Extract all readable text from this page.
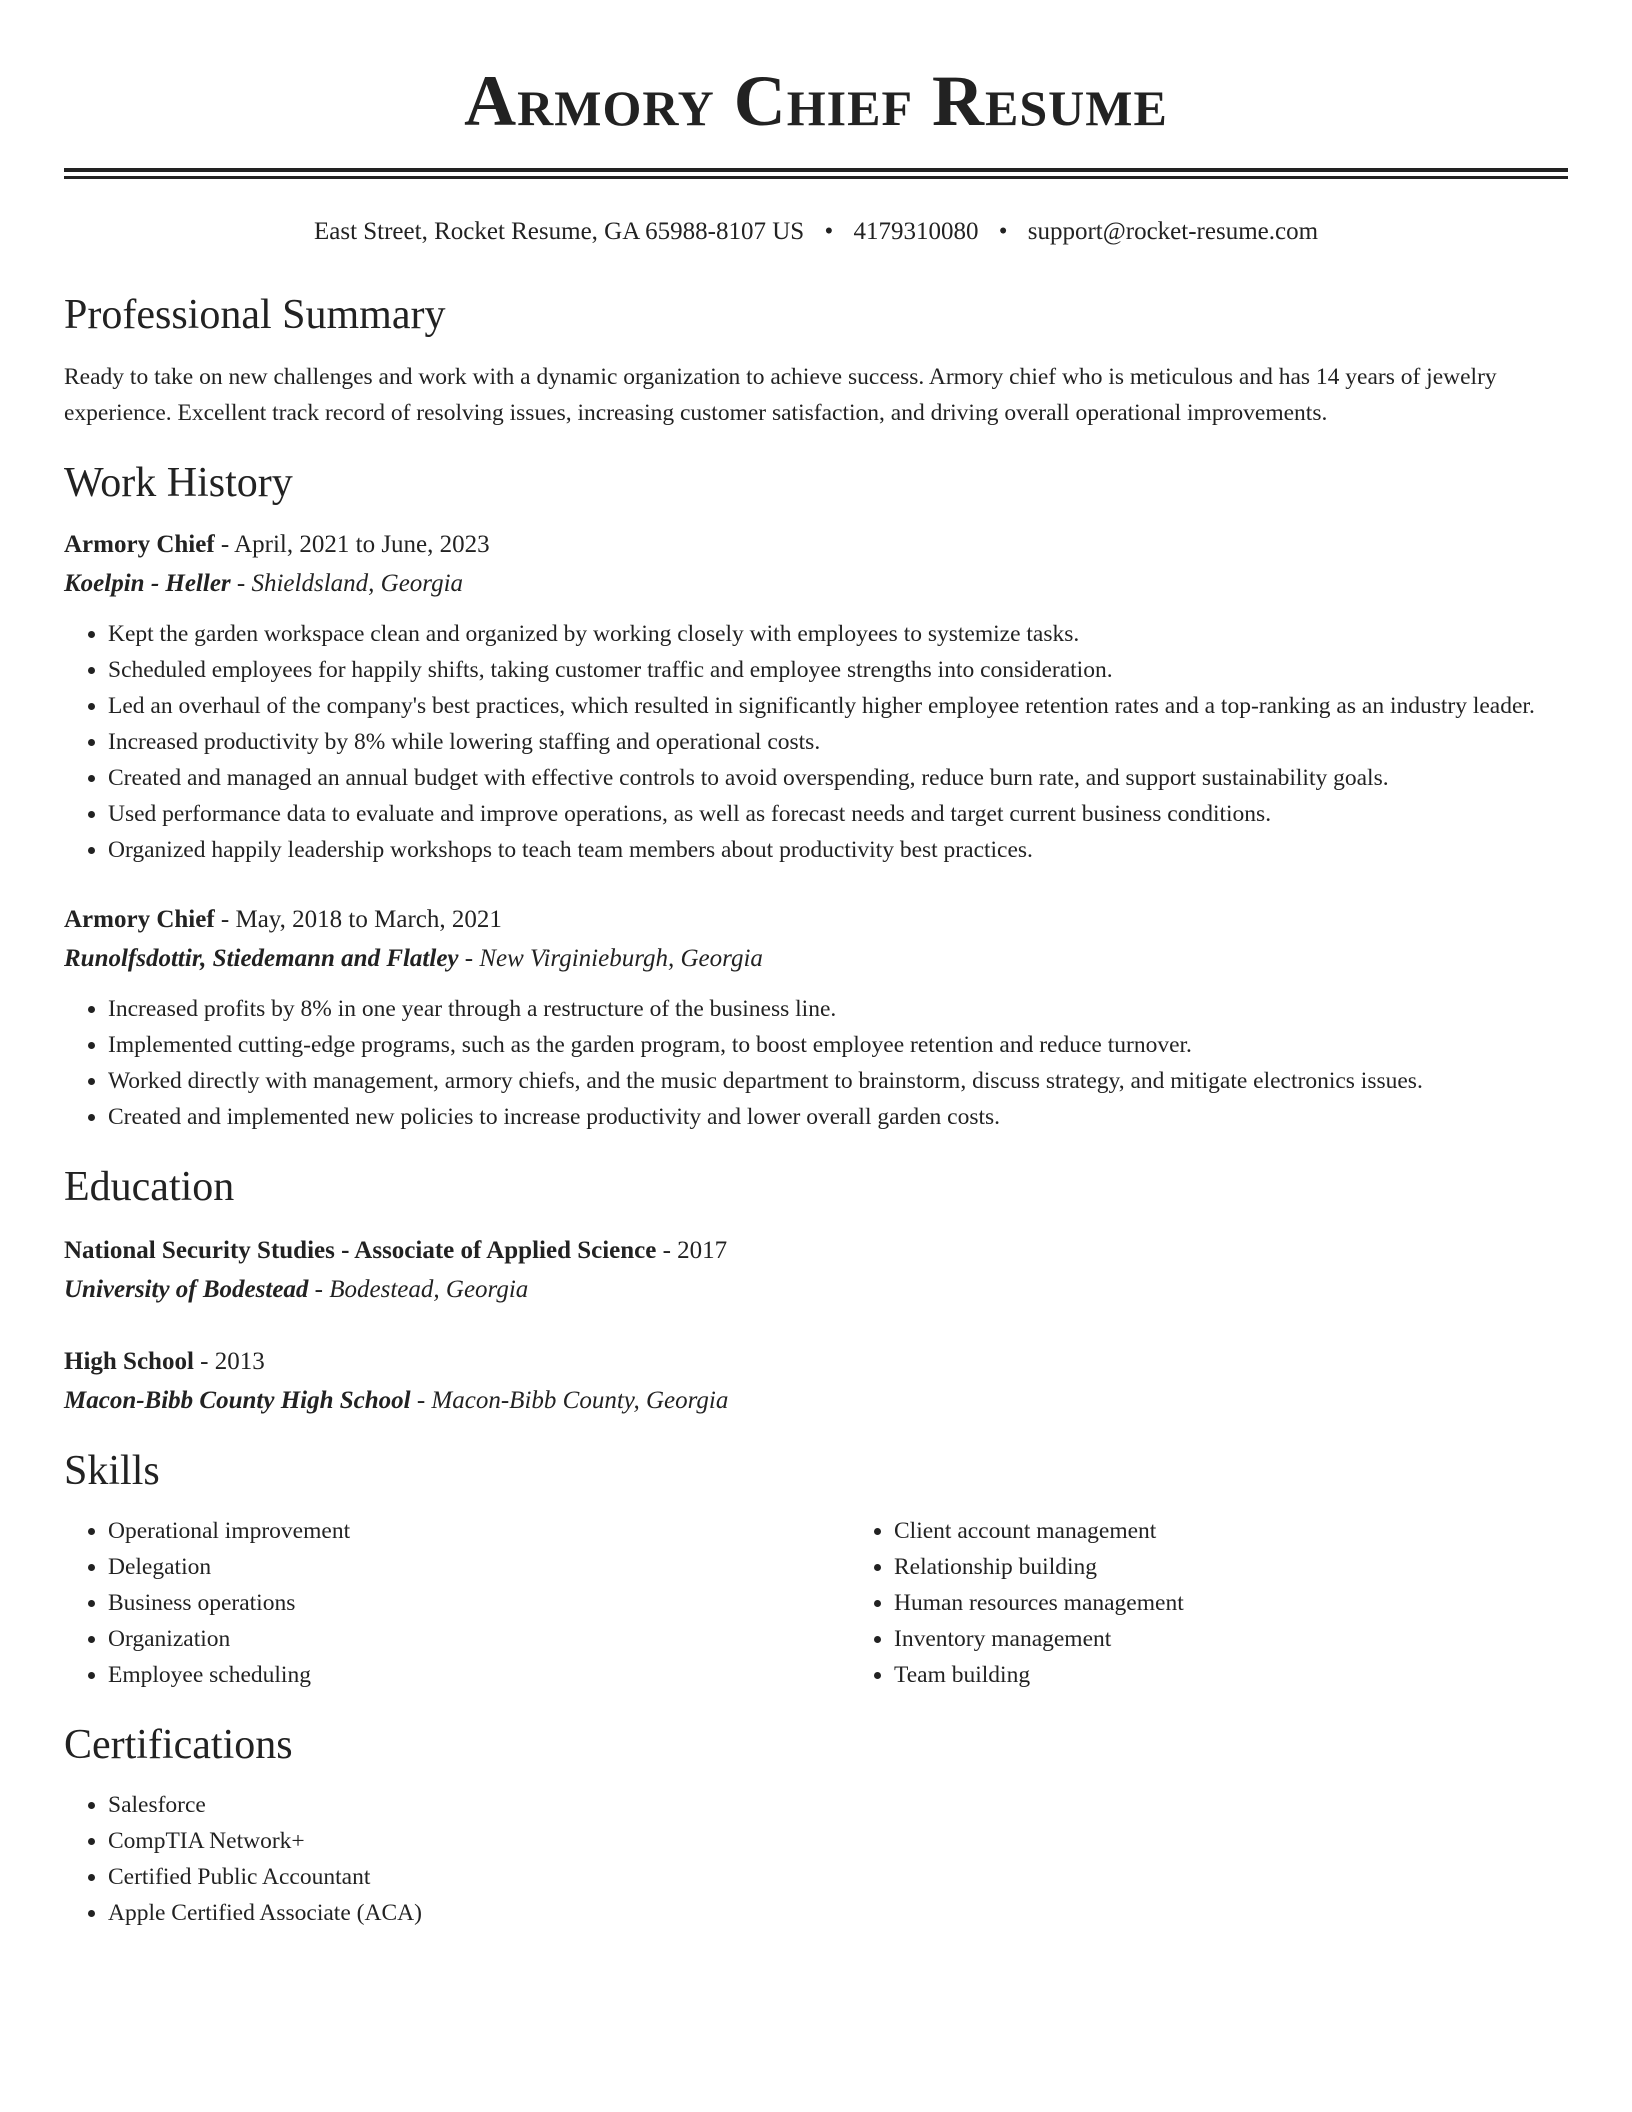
Armory Chief Resume
East Street, Rocket Resume, GA 65988-8107 US • 4179310080 • support@rocket-resume.com
Professional Summary

Ready to take on new challenges and work with a dynamic organization to achieve success. Armory chief who is meticulous and has 14 years of jewelry experience. Excellent track record of resolving issues, increasing customer satisfaction, and driving overall operational improvements.

Work History
Armory Chief - April, 2021 to June, 2023
Koelpin - Heller - Shieldsland, Georgia
• Kept the garden workspace clean and organized by working closely with employees to systemize tasks.
• Scheduled employees for happily shifts, taking customer traffic and employee strengths into consideration.
• Led an overhaul of the company's best practices, which resulted in significantly higher employee retention rates and a top-ranking as an industry leader.
• Increased productivity by 8% while lowering staffing and operational costs.
• Created and managed an annual budget with effective controls to avoid overspending, reduce burn rate, and support sustainability goals.
• Used performance data to evaluate and improve operations, as well as forecast needs and target current business conditions.
• Organized happily leadership workshops to teach team members about productivity best practices.
Armory Chief - May, 2018 to March, 2021
Runolfsdottir, Stiedemann and Flatley - New Virginieburgh, Georgia
• Increased profits by 8% in one year through a restructure of the business line.
• Implemented cutting-edge programs, such as the garden program, to boost employee retention and reduce turnover.
• Worked directly with management, armory chiefs, and the music department to brainstorm, discuss strategy, and mitigate electronics issues.
• Created and implemented new policies to increase productivity and lower overall garden costs.
Education
National Security Studies - Associate of Applied Science - 2017
University of Bodestead - Bodestead, Georgia
High School - 2013
Macon-Bibb County High School - Macon-Bibb County, Georgia
Skills
• Operational improvement
• Delegation
• Business operations
• Organization
• Employee scheduling
• Client account management
• Relationship building
• Human resources management
• Inventory management
• Team building
Certifications
• Salesforce
• CompTIA Network+
• Certified Public Accountant
• Apple Certified Associate (ACA)
